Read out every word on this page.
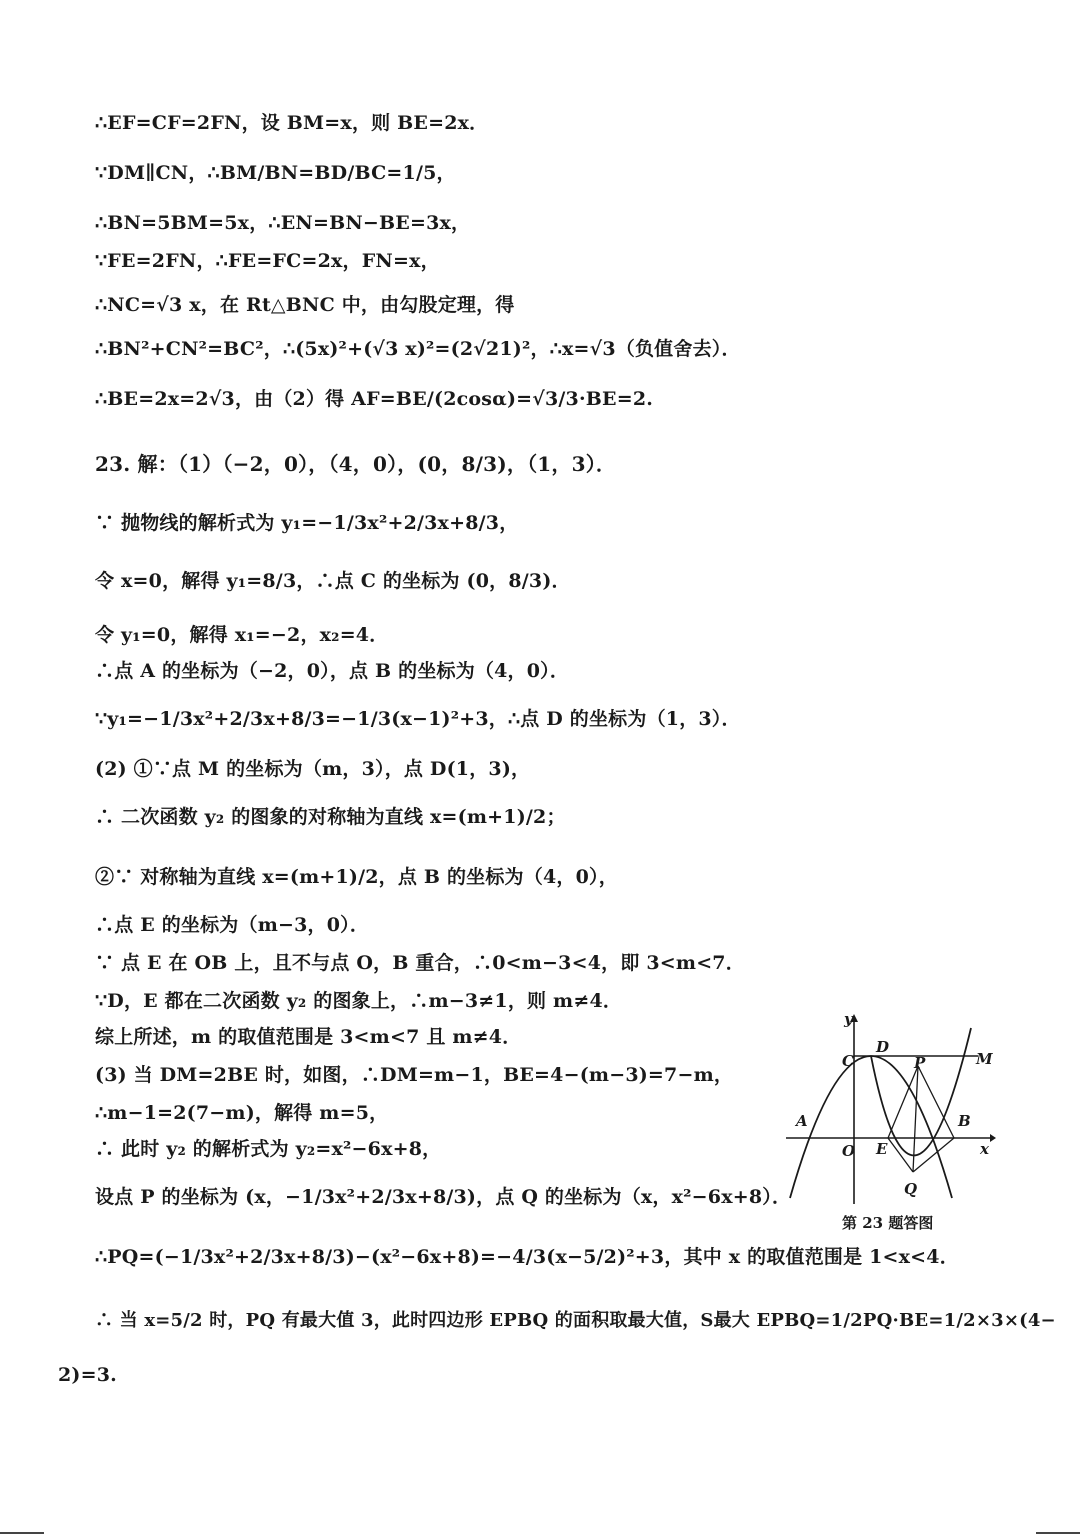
∴EF=CF=2FN，设 BM=x，则 BE=2x．
∵DM∥CN，∴BM/BN=BD/BC=1/5，
∴BN=5BM=5x，∴EN=BN−BE=3x，
∵FE=2FN，∴FE=FC=2x，FN=x，
∴NC=√3 x，在 Rt△BNC 中，由勾股定理，得
∴BN²+CN²=BC²，∴(5x)²+(√3 x)²=(2√21)²，∴x=√3（负值舍去）．
∴BE=2x=2√3，由（2）得 AF=BE/(2cosα)=√3/3·BE=2.
23. 解：（1）（−2，0），（4，0），(0，8/3)，（1，3）．
∵ 抛物线的解析式为 y₁=−1/3x²+2/3x+8/3，
令 x=0，解得 y₁=8/3，∴点 C 的坐标为 (0，8/3)．
令 y₁=0，解得 x₁=−2，x₂=4．
∴点 A 的坐标为（−2，0），点 B 的坐标为（4，0）．
∵y₁=−1/3x²+2/3x+8/3=−1/3(x−1)²+3，∴点 D 的坐标为（1，3）．
(2) ①∵点 M 的坐标为（m，3），点 D(1，3)，
∴ 二次函数 y₂ 的图象的对称轴为直线 x=(m+1)/2；
②∵ 对称轴为直线 x=(m+1)/2，点 B 的坐标为（4，0），
∴点 E 的坐标为（m−3，0）．
∵ 点 E 在 OB 上，且不与点 O，B 重合，∴0<m−3<4，即 3<m<7．
∵D，E 都在二次函数 y₂ 的图象上，∴m−3≠1，则 m≠4．
综上所述，m 的取值范围是 3<m<7 且 m≠4．
(3) 当 DM=2BE 时，如图，∴DM=m−1，BE=4−(m−3)=7−m，
∴m−1=2(7−m)，解得 m=5，
∴ 此时 y₂ 的解析式为 y₂=x²−6x+8，
设点 P 的坐标为 (x，−1/3x²+2/3x+8/3)，点 Q 的坐标为（x，x²−6x+8）．
∴PQ=(−1/3x²+2/3x+8/3)−(x²−6x+8)=−4/3(x−5/2)²+3，其中 x 的取值范围是 1<x<4．
∴ 当 x=5/2 时，PQ 有最大值 3，此时四边形 EPBQ 的面积取最大值，S最大 EPBQ=1/2PQ·BE=1/2×3×(4−
2)=3.
y
x
O
A	B
C
D
E
M
P
Q
第 23 题答图
